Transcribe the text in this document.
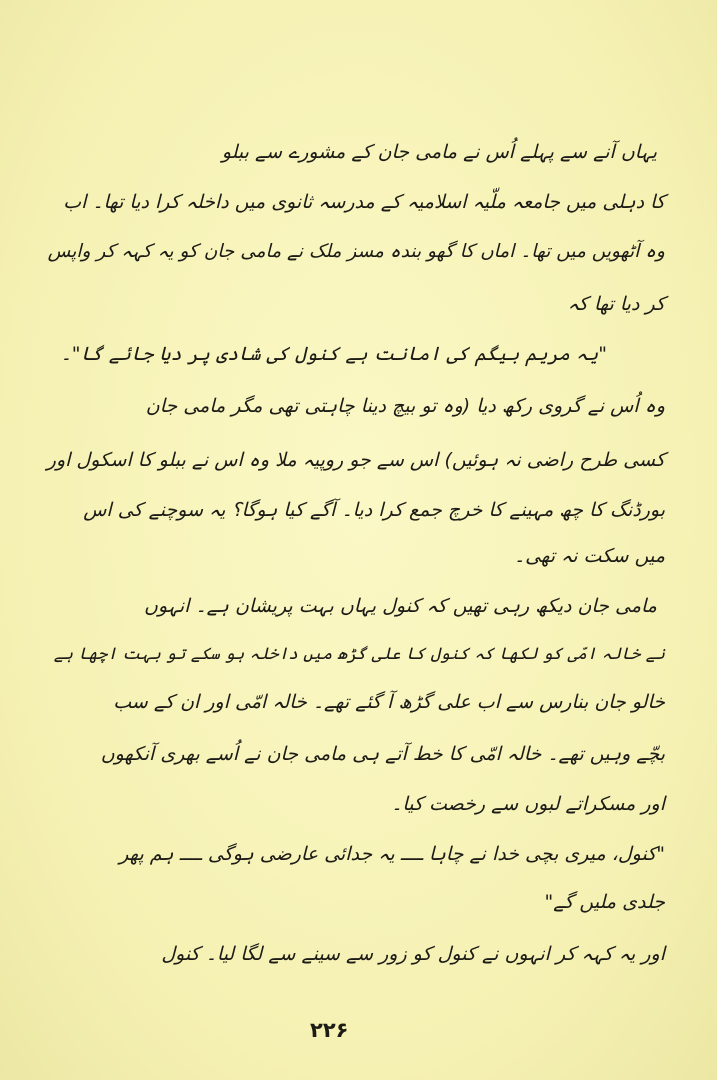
یہاں آنے سے پہلے اُس نے مامی جان کے مشورے سے ببلو
کا دہلی میں جامعہ ملّیہ اسلامیہ کے مدرسہ ثانوی میں داخلہ کرا دیا تھا۔ اب
وہ آٹھویں میں تھا۔ اماں کا گھو بندہ مسز ملک نے مامی جان کو یہ کہہ کر واپس
کر دیا تھا کہ
"یہ مریم بیگم کی امانت ہے کنول کی شادی پر دیا جائے گا"۔
وہ اُس نے گروی رکھ دیا (وہ تو بیچ دینا چاہتی تھی مگر مامی جان
کسی طرح راضی نہ ہوئیں) اس سے جو روپیہ ملا وہ اس نے ببلو کا اسکول اور
بورڈنگ کا چھ مہینے کا خرچ جمع کرا دیا۔ آگے کیا ہوگا؟ یہ سوچنے کی اس
میں سکت نہ تھی۔
مامی جان دیکھ رہی تھیں کہ کنول یہاں بہت پریشان ہے۔ انہوں
نے خالہ امّی کو لکھا کہ کنول کا علی گڑھ میں داخلہ ہو سکے تو بہت اچھا ہے
خالو جان بنارس سے اب علی گڑھ آ گئے تھے۔ خالہ امّی اور ان کے سب
بچّے وہیں تھے۔ خالہ امّی کا خط آتے ہی مامی جان نے اُسے بھری آنکھوں
اور مسکراتے لبوں سے رخصت کیا۔
"کنول، میری بچی خدا نے چاہا ــــ یہ جدائی عارضی ہوگی ــــ ہم پھر
جلدی ملیں گے"
اور یہ کہہ کر انہوں نے کنول کو زور سے سینے سے لگا لیا۔ کنول
۲۲۶
